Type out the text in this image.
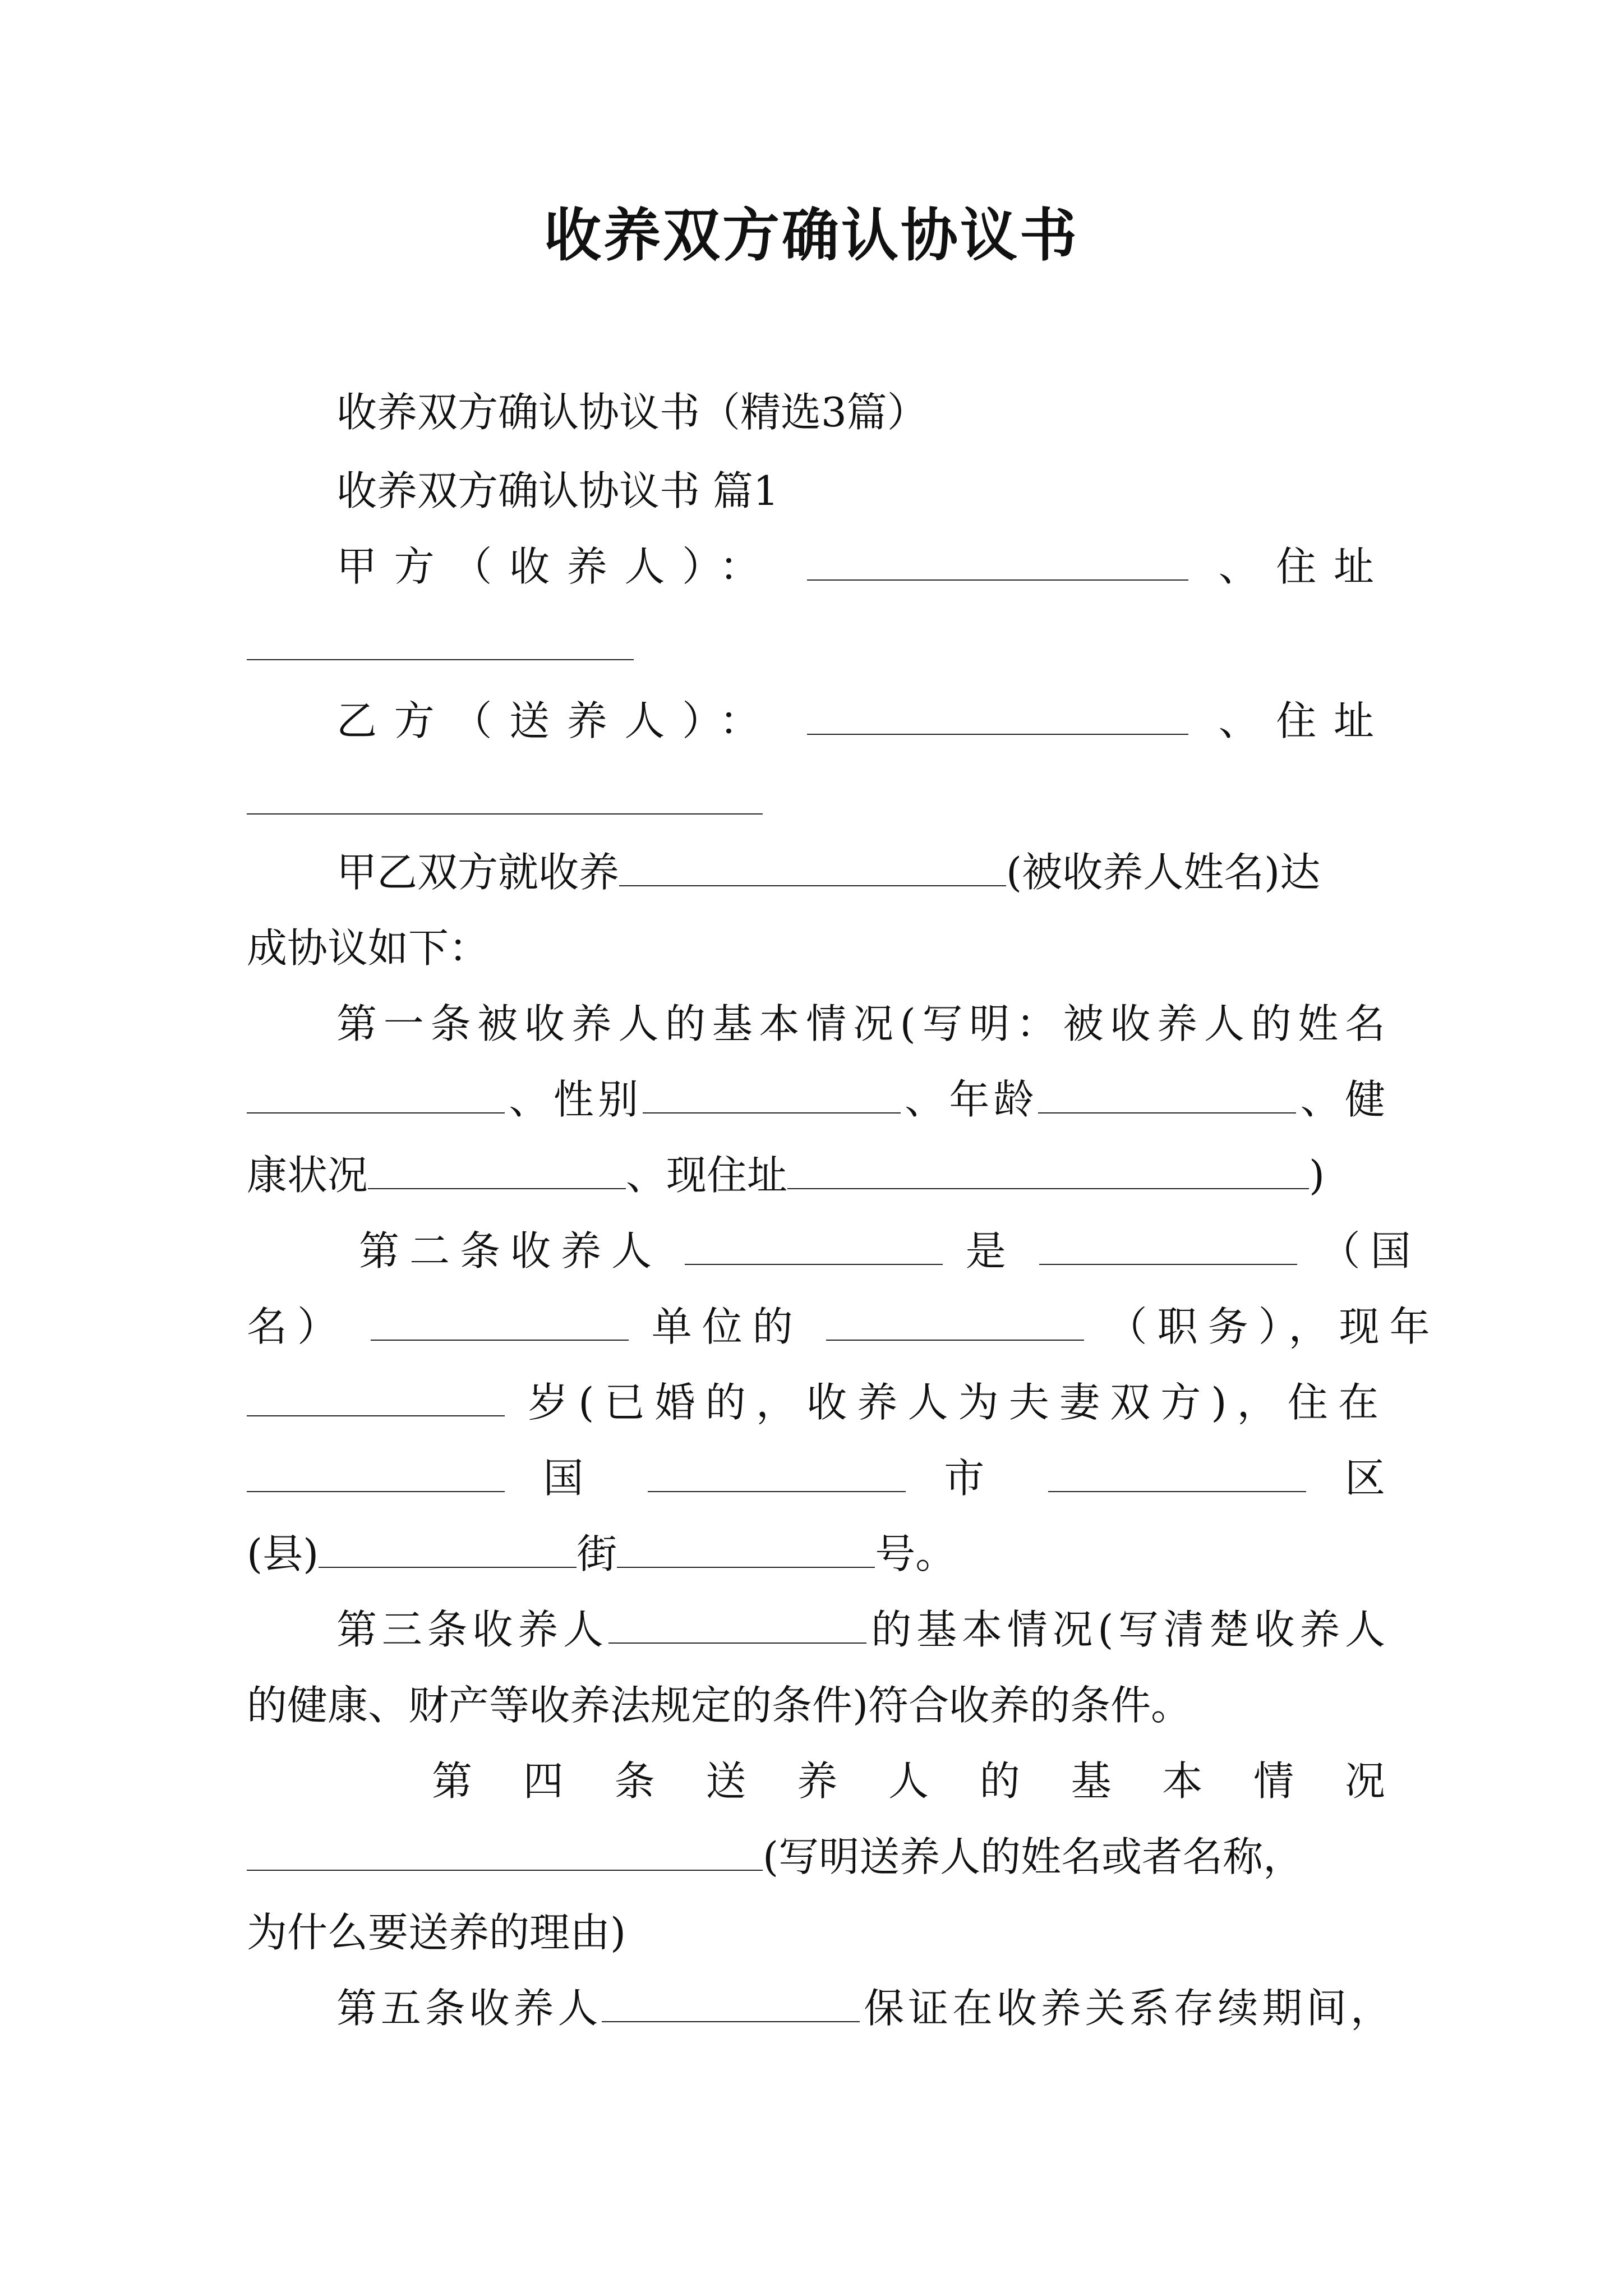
收养双方确认协议书
收养双方确认协议书（精选3篇）
收养双方确认协议书 篇1
甲方（收养人）：	、住址
乙方（送养人）：	、住址
甲乙双方就收养	(被收养人姓名)达
成协议如下：
第一条被收养人的基本情况(写明：被收养人的姓名
、性别	、年龄	、健
康状况	、现住址	)
第二条收养人	是	（国
名）	单位的	（职务），现年
岁(已婚的，收养人为夫妻双方)，住在
国	市	区
(县)	街	号。
第三条收养人	的基本情况(写清楚收养人
的健康、财产等收养法规定的条件)符合收养的条件。
第四条送养人的基本情况
(写明送养人的姓名或者名称，
为什么要送养的理由)
第五条收养人	保证在收养关系存续期间，
